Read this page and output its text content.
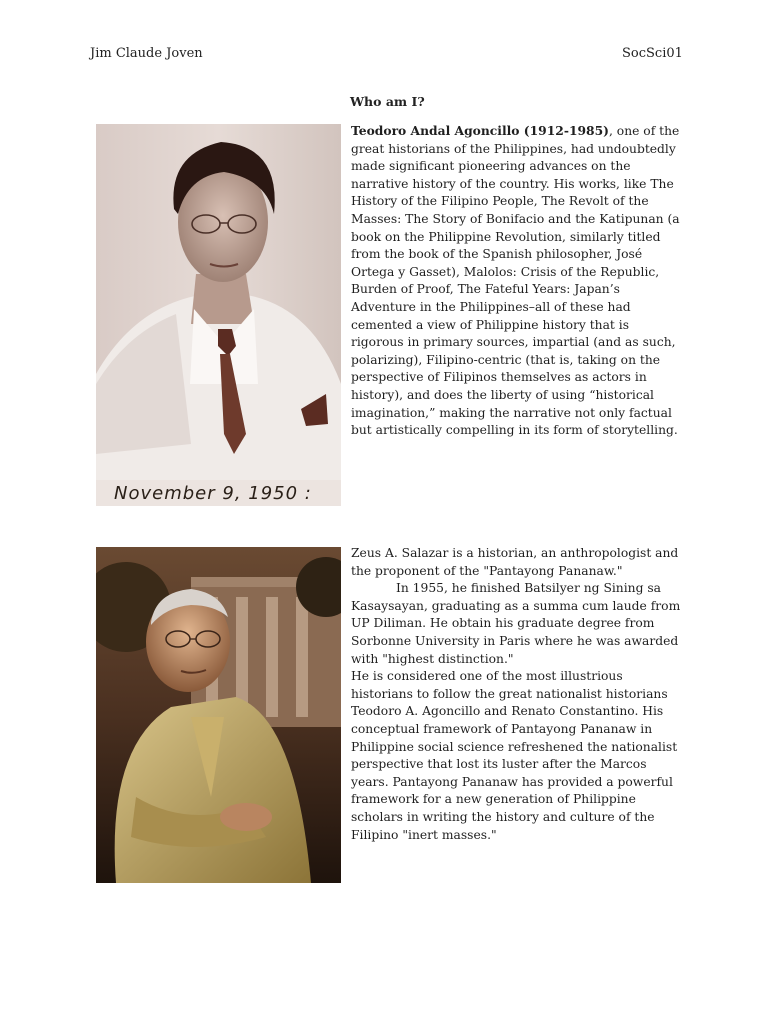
Jim Claude Joven	SocSci01
Who am I?
November 9, 1950 :

Teodoro Andal Agoncillo (1912-1985), one of the great historians of the Philippines, had undoubtedly made significant pioneering advances on the narrative history of the country. His works, like The History of the Filipino People, The Revolt of the Masses: The Story of Bonifacio and the Katipunan (a book on the Philippine Revolution, similarly titled from the book of the Spanish philosopher, José Ortega y Gasset), Malolos: Crisis of the Republic, Burden of Proof, The Fateful Years: Japan’s Adventure in the Philippines–all of these had cemented a view of Philippine history that is rigorous in primary sources, impartial (and as such, polarizing), Filipino-centric (that is, taking on the perspective of Filipinos themselves as actors in history), and does the liberty of using “historical imagination,” making the narrative not only factual but artistically compelling in its form of storytelling.

Zeus A. Salazar is a historian, an anthropologist and the proponent of the "Pantayong Pananaw."

In 1955, he finished Batsilyer ng Sining sa Kasaysayan, graduating as a summa cum laude from UP Diliman. He obtain his graduate degree from Sorbonne University in Paris where he was awarded with "highest distinction."

He is considered one of the most illustrious historians to follow the great nationalist historians Teodoro A. Agoncillo and Renato Constantino. His conceptual framework of Pantayong Pananaw in Philippine social science refreshened the nationalist perspective that lost its luster after the Marcos years. Pantayong Pananaw has provided a powerful framework for a new generation of Philippine scholars in writing the history and culture of the Filipino "inert masses."
